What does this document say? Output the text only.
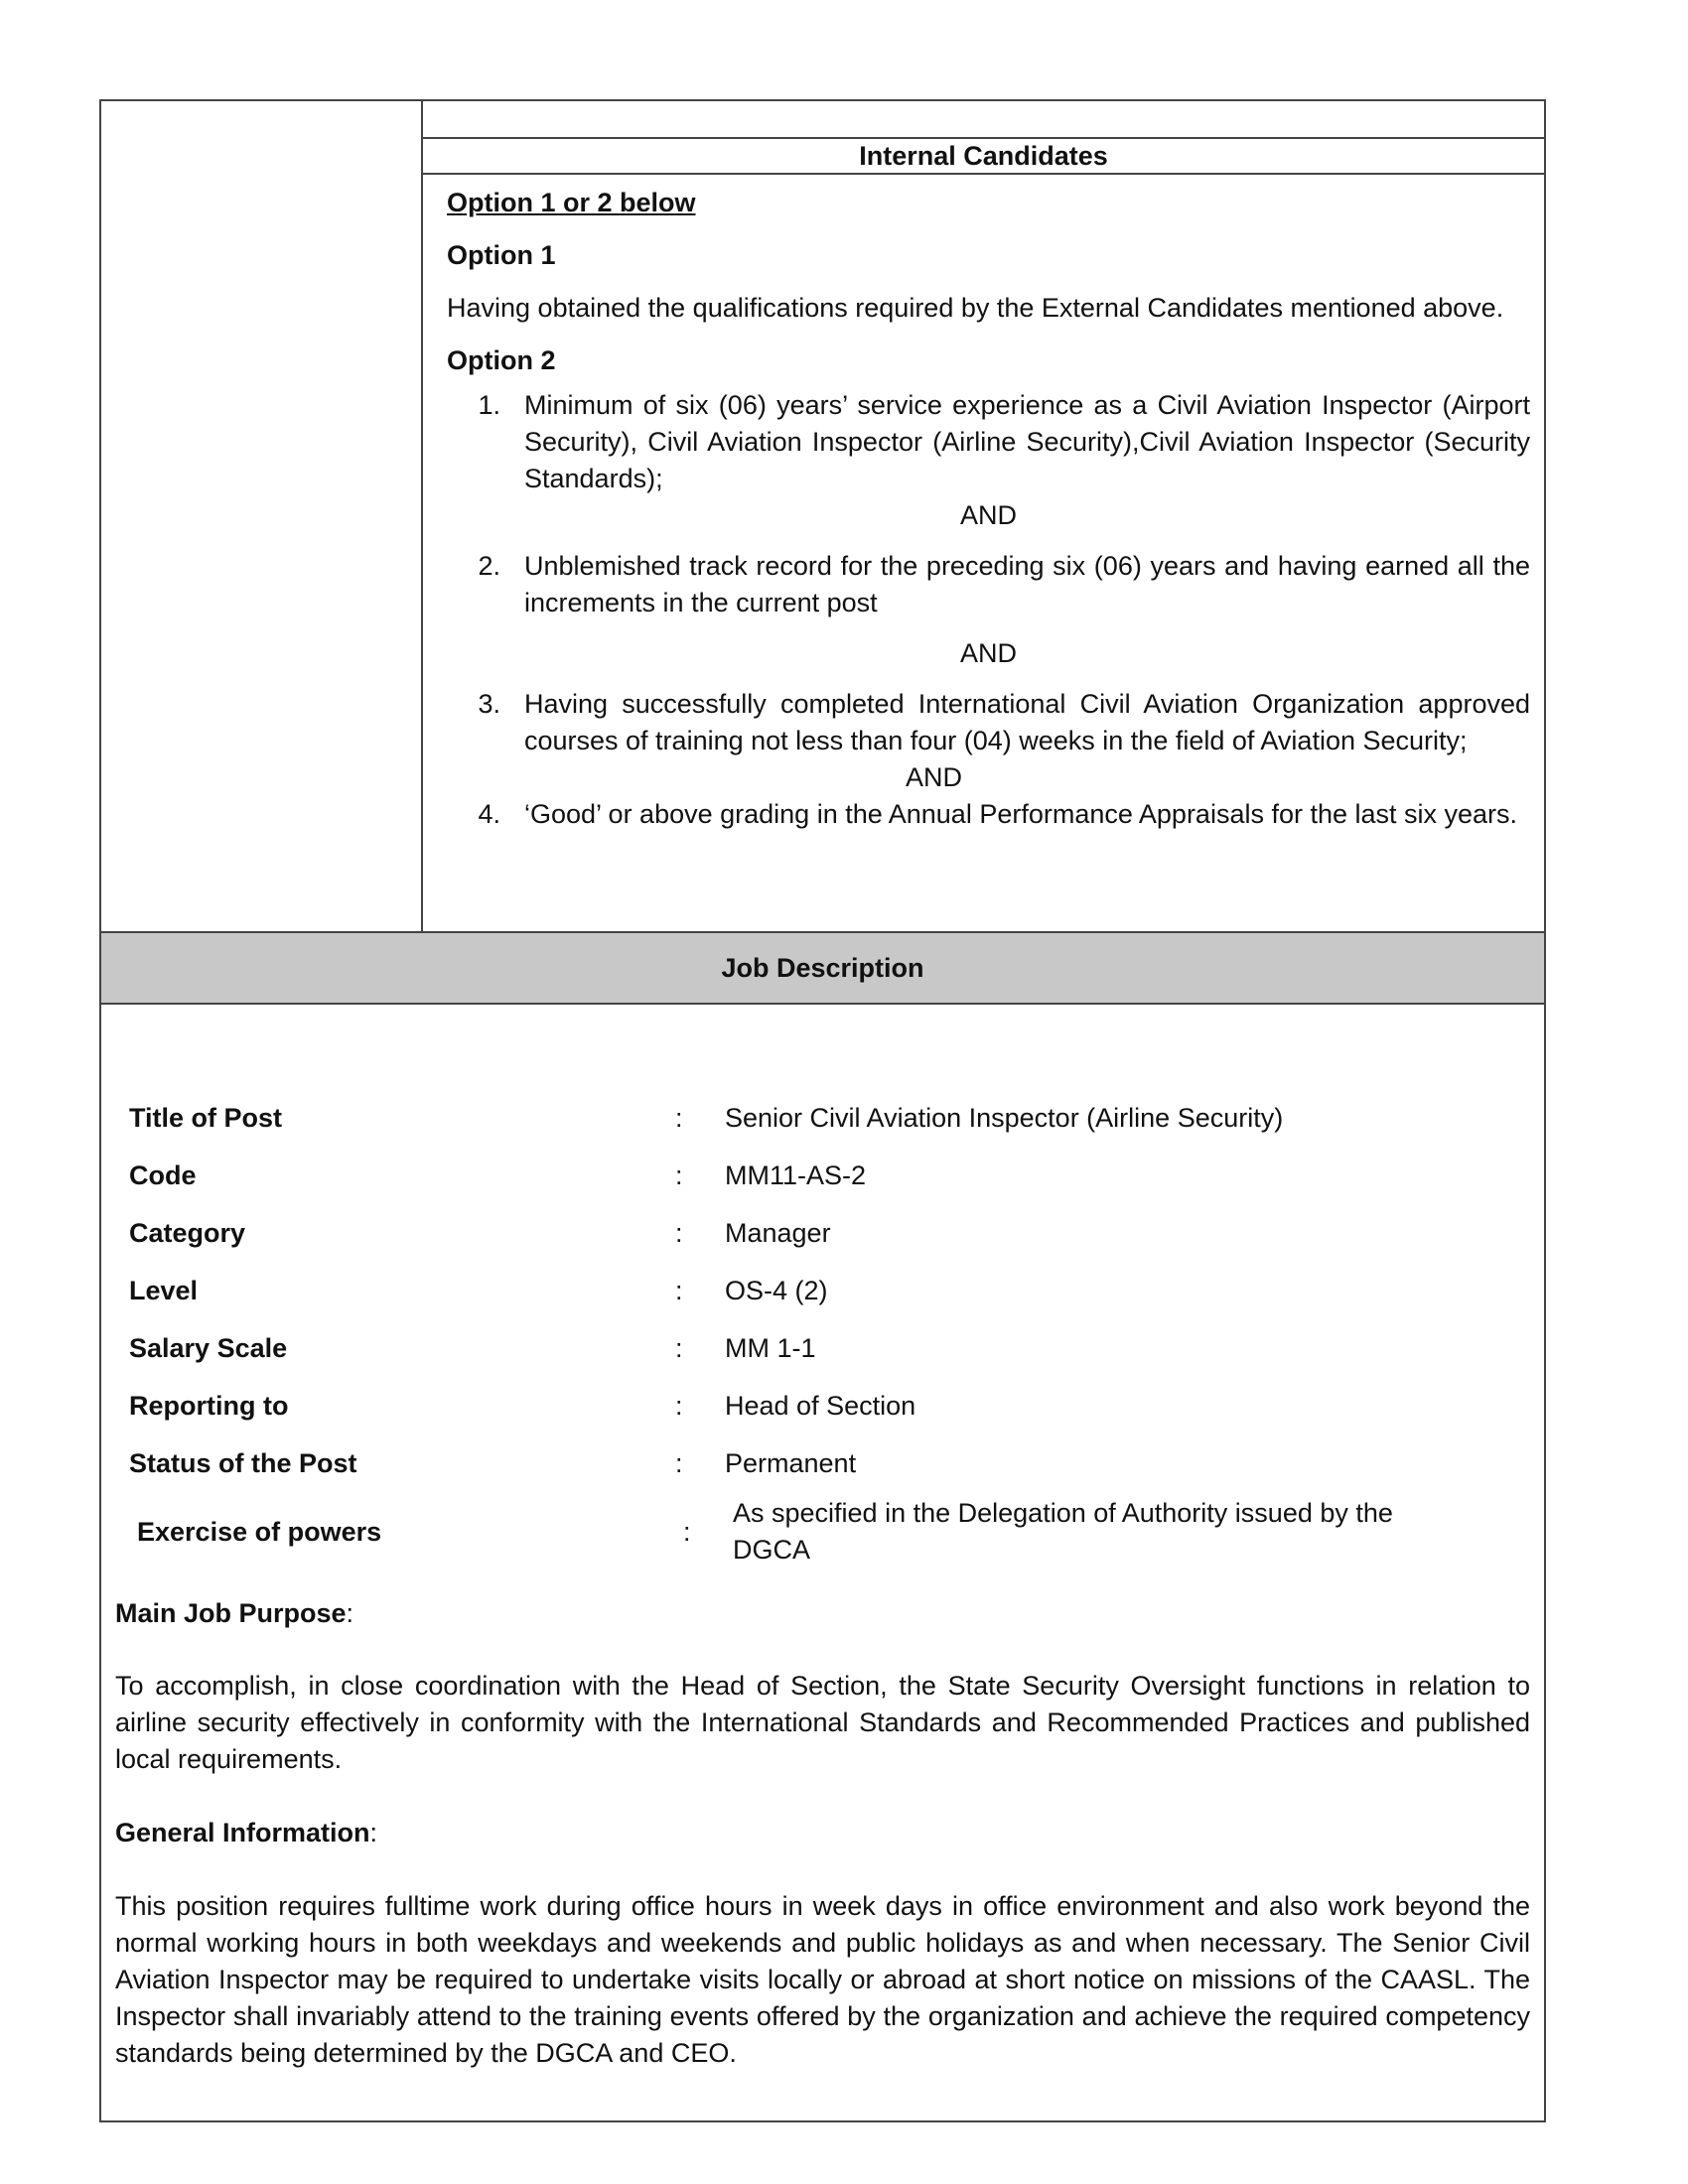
Internal Candidates

Option 1 or 2 below

Option 1

Having obtained the qualifications required by the External Candidates mentioned above.

Option 2

1. Minimum of six (06) years’ service experience as a Civil Aviation Inspector (Airport Security), Civil Aviation Inspector (Airline Security),Civil Aviation Inspector (Security Standards);
AND
2. Unblemished track record for the preceding six (06) years and having earned all the increments in the current post
AND
3. Having successfully completed International Civil Aviation Organization approved courses of training not less than four (04) weeks in the field of Aviation Security;
AND
4. ‘Good’ or above grading in the Annual Performance Appraisals for the last six years.
Job Description
Title of Post	:	Senior Civil Aviation Inspector (Airline Security)
Code	:	MM11-AS-2
Category	:	Manager
Level	:	OS-4 (2)
Salary Scale	:	MM 1-1
Reporting to	:	Head of Section
Status of the Post	:	Permanent
Exercise of powers	:
As specified in the Delegation of Authority issued by the DGCA
Main Job Purpose:
To accomplish, in close coordination with the Head of Section, the State Security Oversight functions in relation to airline security effectively in conformity with the International Standards and Recommended Practices and published local requirements.
General Information:
This position requires fulltime work during office hours in week days in office environment and also work beyond the normal working hours in both weekdays and weekends and public holidays as and when necessary. The Senior Civil Aviation Inspector may be required to undertake visits locally or abroad at short notice on missions of the CAASL. The Inspector shall invariably attend to the training events offered by the organization and achieve the required competency standards being determined by the DGCA and CEO.
